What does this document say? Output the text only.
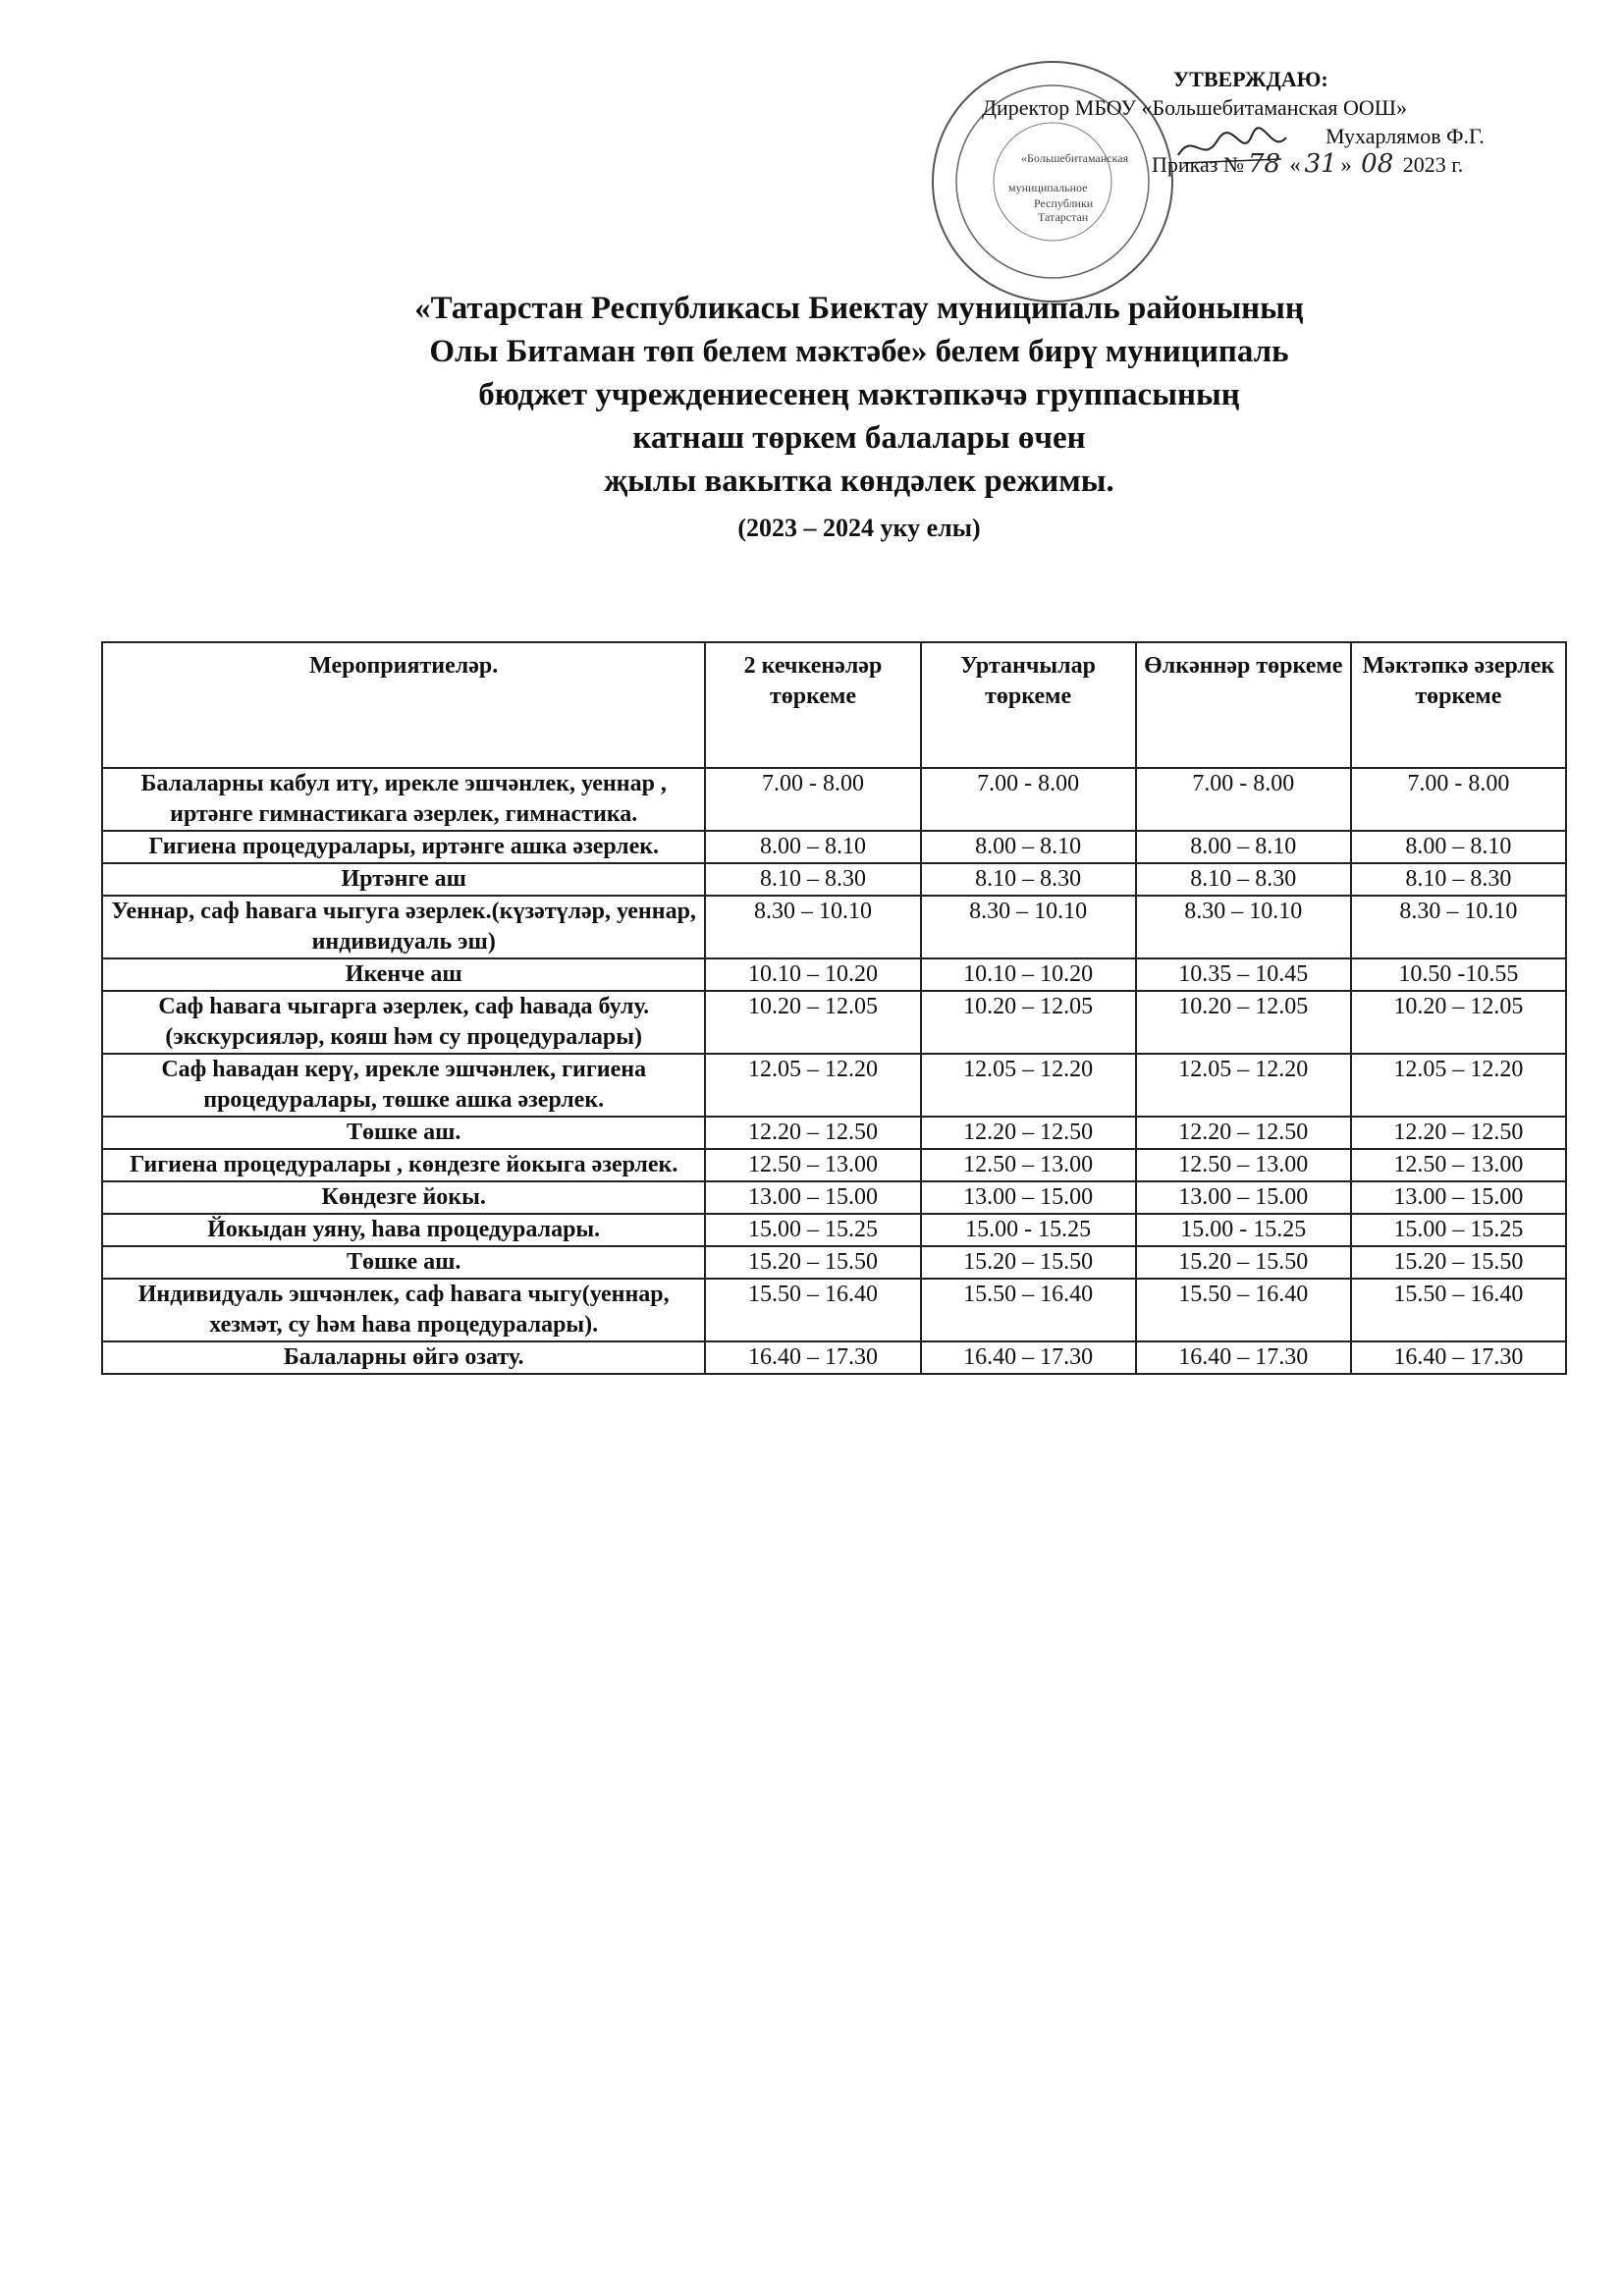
«Большебитаманская
муниципальное
Республики
Татарстан
УТВЕРЖДАЮ:
Директор МБОУ «Большебитаманская ООШ»
Мухарлямов Ф.Г.
Приказ № 78 « 31 » 08 2023 г.
«Татарстан Республикасы Биектау муниципаль районының
Олы Битаман төп белем мәктәбе» белем бирү муниципаль
бюджет учреждениесенең мәктәпкәчә группасының
катнаш төркем балалары өчен
җылы вакытка көндәлек режимы.
(2023 – 2024 уку елы)
Мероприятиеләр.	2 кечкенәләр төркеме	Уртанчылар төркеме	Өлкәннәр төркеме	Мәктәпкә әзерлек төркеме
Балаларны кабул итү, ирекле эшчәнлек, уеннар , иртәнге гимнастикага әзерлек, гимнастика.	7.00 - 8.00	7.00 - 8.00	7.00 - 8.00	7.00 - 8.00
Гигиена процедуралары, иртәнге ашка әзерлек.	8.00 – 8.10	8.00 – 8.10	8.00 – 8.10	8.00 – 8.10
Иртәнге аш	8.10 – 8.30	8.10 – 8.30	8.10 – 8.30	8.10 – 8.30
Уеннар, саф һавага чыгуга әзерлек.(күзәтүләр, уеннар, индивидуаль эш)	8.30 – 10.10	8.30 – 10.10	8.30 – 10.10	8.30 – 10.10
Икенче аш	10.10 – 10.20	10.10 – 10.20	10.35 – 10.45	10.50 -10.55
Саф һавага чыгарга әзерлек, саф һавада булу.(экскурсияләр, кояш һәм су процедуралары)	10.20 – 12.05	10.20 – 12.05	10.20 – 12.05	10.20 – 12.05
Саф һавадан керү, ирекле эшчәнлек, гигиена процедуралары, төшке ашка әзерлек.	12.05 – 12.20	12.05 – 12.20	12.05 – 12.20	12.05 – 12.20
Төшке аш.	12.20 – 12.50	12.20 – 12.50	12.20 – 12.50	12.20 – 12.50
Гигиена процедуралары , көндезге йокыга әзерлек.	12.50 – 13.00	12.50 – 13.00	12.50 – 13.00	12.50 – 13.00
Көндезге йокы.	13.00 – 15.00	13.00 – 15.00	13.00 – 15.00	13.00 – 15.00
Йокыдан уяну, һава процедуралары.	15.00 – 15.25	15.00 - 15.25	15.00 - 15.25	15.00 – 15.25
Төшке аш.	15.20 – 15.50	15.20 – 15.50	15.20 – 15.50	15.20 – 15.50
Индивидуаль эшчәнлек, саф һавага чыгу(уеннар, хезмәт, су һәм һава процедуралары).	15.50 – 16.40	15.50 – 16.40	15.50 – 16.40	15.50 – 16.40
Балаларны өйгә озату.	16.40 – 17.30	16.40 – 17.30	16.40 – 17.30	16.40 – 17.30
